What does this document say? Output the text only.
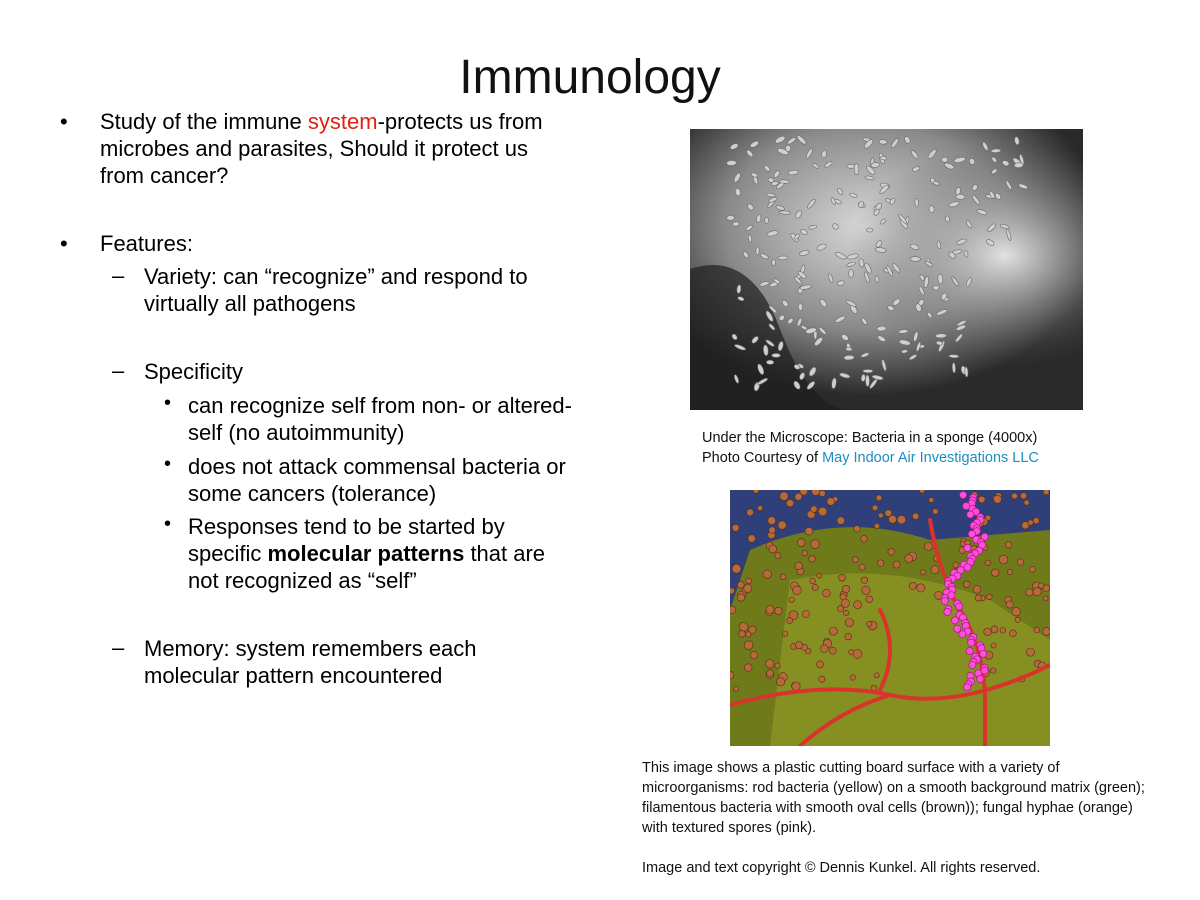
Immunology
• Study of the immune system-protects us from
microbes and parasites, Should it protect us
from cancer?
• Features:
– Variety: can “recognize” and respond to
virtually all pathogens
– Specificity
• can recognize self from non- or altered-
self (no autoimmunity)
• does not attack commensal bacteria or
some cancers (tolerance)
• Responses tend to be started by
specific molecular patterns that are
not recognized as “self”
– Memory: system remembers each
molecular pattern encountered
Under the Microscope: Bacteria in a sponge (4000x)
Photo Courtesy of May Indoor Air Investigations LLC
This image shows a plastic cutting board surface with a variety of
microorganisms: rod bacteria (yellow) on a smooth background matrix (green);
filamentous bacteria with smooth oval cells (brown)); fungal hyphae (orange)
with textured spores (pink).
Image and text copyright © Dennis Kunkel. All rights reserved.
